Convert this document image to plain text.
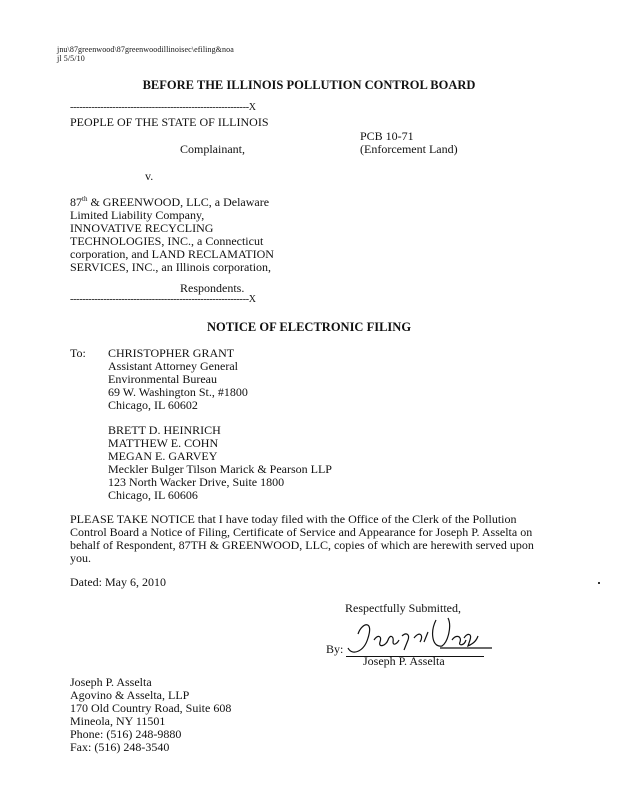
jnu\87greenwood\87greenwoodillinoisec\efiling&noa
jl 5/5/10
BEFORE THE ILLINOIS POLLUTION CONTROL BOARD
-----------------------------------------------------------X
PEOPLE OF THE STATE OF ILLINOIS
PCB 10-71
Complainant,	(Enforcement Land)
v.
87th & GREENWOOD, LLC, a Delaware
Limited Liability Company,
INNOVATIVE RECYCLING
TECHNOLOGIES, INC., a Connecticut
corporation, and LAND RECLAMATION
SERVICES, INC., an Illinois corporation,
Respondents.
-----------------------------------------------------------X
NOTICE OF ELECTRONIC FILING
To: CHRISTOPHER GRANT
Assistant Attorney General
Environmental Bureau
69 W. Washington St., #1800
Chicago, IL 60602
BRETT D. HEINRICH
MATTHEW E. COHN
MEGAN E. GARVEY
Meckler Bulger Tilson Marick & Pearson LLP
123 North Wacker Drive, Suite 1800
Chicago, IL 60606
PLEASE TAKE NOTICE that I have today filed with the Office of the Clerk of the Pollution Control Board a Notice of Filing, Certificate of Service and Appearance for Joseph P. Asselta on behalf of Respondent, 87TH & GREENWOOD, LLC, copies of which are herewith served upon you.
Dated: May 6, 2010
Respectfully Submitted,
By:
Joseph P. Asselta
Joseph P. Asselta
Agovino & Asselta, LLP
170 Old Country Road, Suite 608
Mineola, NY 11501
Phone: (516) 248-9880
Fax: (516) 248-3540
